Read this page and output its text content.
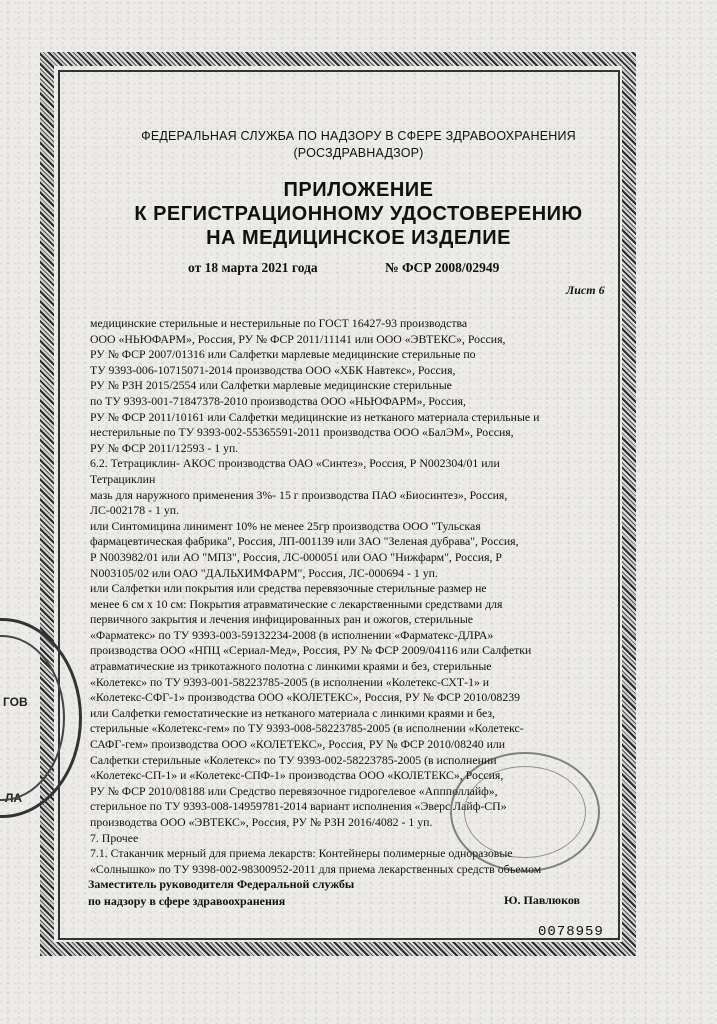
ФЕДЕРАЛЬНАЯ СЛУЖБА ПО НАДЗОРУ В СФЕРЕ ЗДРАВООХРАНЕНИЯ
(РОСЗДРАВНАДЗОР)
ПРИЛОЖЕНИЕ
К РЕГИСТРАЦИОННОМУ УДОСТОВЕРЕНИЮ
НА МЕДИЦИНСКОЕ ИЗДЕЛИЕ
от 18 марта 2021 года	№ ФСР 2008/02949
Лист 6
медицинские стерильные и нестерильные по ГОСТ 16427-93 производства
ООО «НЬЮФАРМ», Россия, РУ № ФСР 2011/11141 или ООО «ЭВТЕКС», Россия,
РУ № ФСР 2007/01316 или Салфетки марлевые медицинские стерильные по
ТУ 9393-006-10715071-2014 производства ООО «ХБК Навтекс», Россия,
РУ № РЗН 2015/2554 или Салфетки марлевые медицинские стерильные
по ТУ 9393-001-71847378-2010 производства ООО «НЬЮФАРМ», Россия,
РУ № ФСР 2011/10161 или Салфетки медицинские из нетканого материала стерильные и
нестерильные по ТУ 9393-002-55365591-2011 производства ООО «БалЭМ», Россия,
РУ № ФСР 2011/12593 - 1 уп.
6.2. Тетрациклин- АКОС производства ОАО «Синтез», Россия, Р N002304/01 или
Тетрациклин
мазь для наружного применения 3%- 15 г производства ПАО «Биосинтез», Россия,
ЛС-002178 - 1 уп.
или Синтомицина линимент 10% не менее 25гр производства ООО "Тульская
фармацевтическая фабрика", Россия, ЛП-001139 или ЗАО "Зеленая дубрава", Россия,
Р N003982/01 или АО "МПЗ", Россия, ЛС-000051 или ОАО "Нижфарм", Россия, Р
N003105/02 или ОАО "ДАЛЬХИМФАРМ", Россия, ЛС-000694 - 1 уп.
или Салфетки или покрытия или средства перевязочные стерильные размер не
менее 6 см х 10 см: Покрытия атравматические с лекарственными средствами для
первичного закрытия и лечения инфицированных ран и ожогов, стерильные
«Фарматекс» по ТУ 9393-003-59132234-2008 (в исполнении «Фарматекс-ДЛРА»
производства ООО «НПЦ «Сериал-Мед», Россия, РУ № ФСР 2009/04116 или Салфетки
атравматические из трикотажного полотна с линкими краями и без, стерильные
«Колетекс» по ТУ 9393-001-58223785-2005 (в исполнении «Колетекс-СХТ-1» и
«Колетекс-СФГ-1» производства ООО «КОЛЕТЕКС», Россия, РУ № ФСР 2010/08239
или Салфетки гемостатические из нетканого материала с линкими краями и без,
стерильные «Колетекс-гем» по ТУ 9393-008-58223785-2005 (в исполнении «Колетекс-
САФГ-гем» производства ООО «КОЛЕТЕКС», Россия, РУ № ФСР 2010/08240 или
Салфетки стерильные «Колетекс» по ТУ 9393-002-58223785-2005 (в исполнении
«Колетекс-СП-1» и «Колетекс-СПФ-1» производства ООО «КОЛЕТЕКС», Россия,
РУ № ФСР 2010/08188 или Средство перевязочное гидрогелевое «Аппполлайф»,
стерильное по ТУ 9393-008-14959781-2014 вариант исполнения «Эверс Лайф-СП»
производства ООО «ЭВТЕКС», Россия, РУ № РЗН 2016/4082 - 1 уп.
7. Прочее
7.1. Стаканчик мерный для приема лекарств: Контейнеры полимерные одноразовые
«Солнышко» по ТУ 9398-002-98300952-2011 для приема лекарственных средств объемом
Заместитель руководителя Федеральной службы
по надзору в сфере здравоохранения	Ю. Павлюков
0078959
ГОВ
ЛА
